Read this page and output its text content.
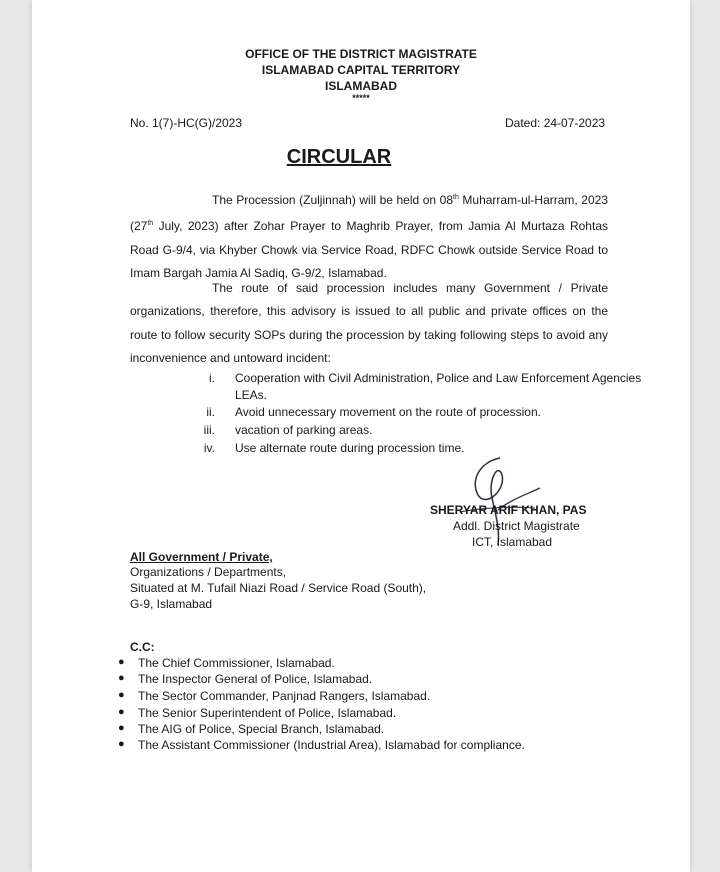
OFFICE OF THE DISTRICT MAGISTRATE
ISLAMABAD CAPITAL TERRITORY
ISLAMABAD
*****
No. 1(7)-HC(G)/2023	Dated: 24-07-2023
CIRCULAR

The Procession (Zuljinnah) will be held on 08th Muharram-ul-Harram, 2023 (27th July, 2023) after Zohar Prayer to Maghrib Prayer, from Jamia Al Murtaza Rohtas Road G-9/4, via Khyber Chowk via Service Road, RDFC Chowk outside Service Road to Imam Bargah Jamia Al Sadiq, G-9/2, Islamabad.

The route of said procession includes many Government / Private organizations, therefore, this advisory is issued to all public and private offices on the route to follow security SOPs during the procession by taking following steps to avoid any inconvenience and untoward incident:

i. Cooperation with Civil Administration, Police and Law Enforcement Agencies
LEAs.
ii. Avoid unnecessary movement on the route of procession.
iii. vacation of parking areas.
iv. Use alternate route during procession time.
SHERYAR ARIF KHAN, PAS
Addl. District Magistrate
ICT, Islamabad
All Government / Private,
Organizations / Departments,
Situated at M. Tufail Niazi Road / Service Road (South),
G-9, Islamabad
C.C:
● The Chief Commissioner, Islamabad.
● The Inspector General of Police, Islamabad.
● The Sector Commander, Panjnad Rangers, Islamabad.
● The Senior Superintendent of Police, Islamabad.
● The AIG of Police, Special Branch, Islamabad.
● The Assistant Commissioner (Industrial Area), Islamabad for compliance.
